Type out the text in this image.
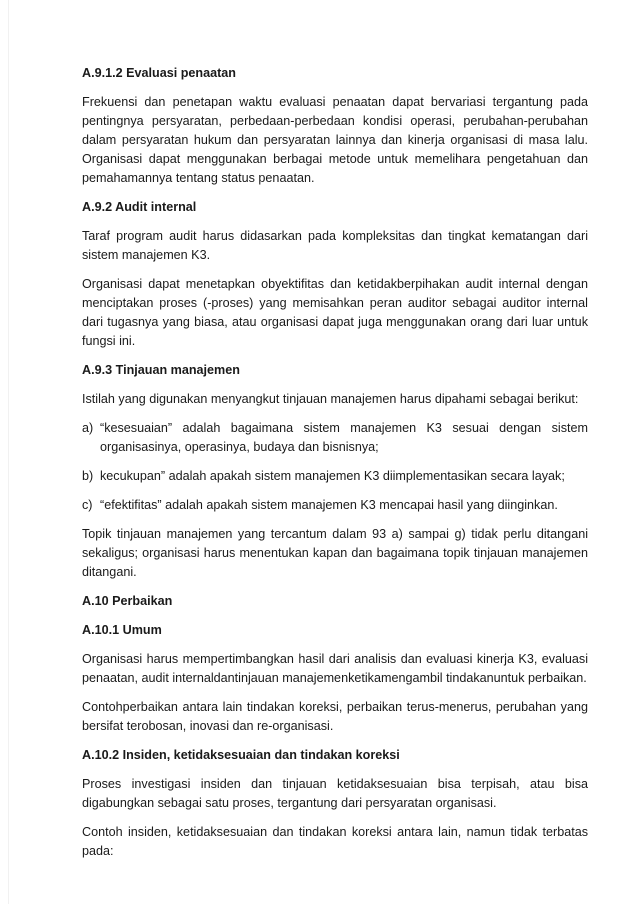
A.9.1.2 Evaluasi penaatan

Frekuensi dan penetapan waktu evaluasi penaatan dapat bervariasi tergantung pada pentingnya persyaratan, perbedaan-perbedaan kondisi operasi, perubahan-perubahan dalam persyaratan hukum dan persyaratan lainnya dan kinerja organisasi di masa lalu. Organisasi dapat menggunakan berbagai metode untuk memelihara pengetahuan dan pemahamannya tentang status penaatan.

A.9.2 Audit internal

Taraf program audit harus didasarkan pada kompleksitas dan tingkat kematangan dari sistem manajemen K3.

Organisasi dapat menetapkan obyektifitas dan ketidakberpihakan audit internal dengan menciptakan proses (-proses) yang memisahkan peran auditor sebagai auditor internal dari tugasnya yang biasa, atau organisasi dapat juga menggunakan orang dari luar untuk fungsi ini.

A.9.3 Tinjauan manajemen

Istilah yang digunakan menyangkut tinjauan manajemen harus dipahami sebagai berikut:

a) “kesesuaian” adalah bagaimana sistem manajemen K3 sesuai dengan sistem organisasinya, operasinya, budaya dan bisnisnya;
b) kecukupan” adalah apakah sistem manajemen K3 diimplementasikan secara layak;
c) “efektifitas” adalah apakah sistem manajemen K3 mencapai hasil yang diinginkan.

Topik tinjauan manajemen yang tercantum dalam 93 a) sampai g) tidak perlu ditangani sekaligus; organisasi harus menentukan kapan dan bagaimana topik tinjauan manajemen ditangani.

A.10 Perbaikan
A.10.1 Umum

Organisasi harus mempertimbangkan hasil dari analisis dan evaluasi kinerja K3, evaluasi penaatan, audit internaldantinjauan manajemenketikamengambil tindakanuntuk perbaikan.

Contohperbaikan antara lain tindakan koreksi, perbaikan terus-menerus, perubahan yang bersifat terobosan, inovasi dan re-organisasi.

A.10.2 Insiden, ketidaksesuaian dan tindakan koreksi

Proses investigasi insiden dan tinjauan ketidaksesuaian bisa terpisah, atau bisa digabungkan sebagai satu proses, tergantung dari persyaratan organisasi.

Contoh insiden, ketidaksesuaian dan tindakan koreksi antara lain, namun tidak terbatas pada:
